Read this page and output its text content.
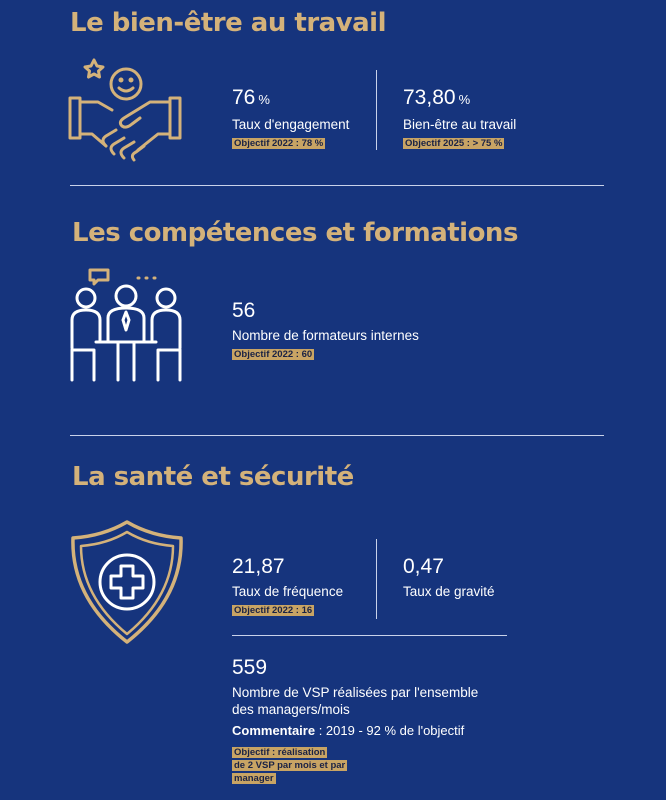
Le bien-être au travail
76 %
Taux d'engagement
Objectif 2022 : 78 %
73,80 %
Bien-être au travail
Objectif 2025 : > 75 %
Les compétences et formations
56
Nombre de formateurs internes
Objectif 2022 : 60
La santé et sécurité
21,87
Taux de fréquence
Objectif 2022 : 16
0,47
Taux de gravité
559
Nombre de VSP réalisées par l'ensemble
des managers/mois
Commentaire : 2019 - 92 % de l'objectif
Objectif : réalisation
de 2 VSP par mois et par
manager
